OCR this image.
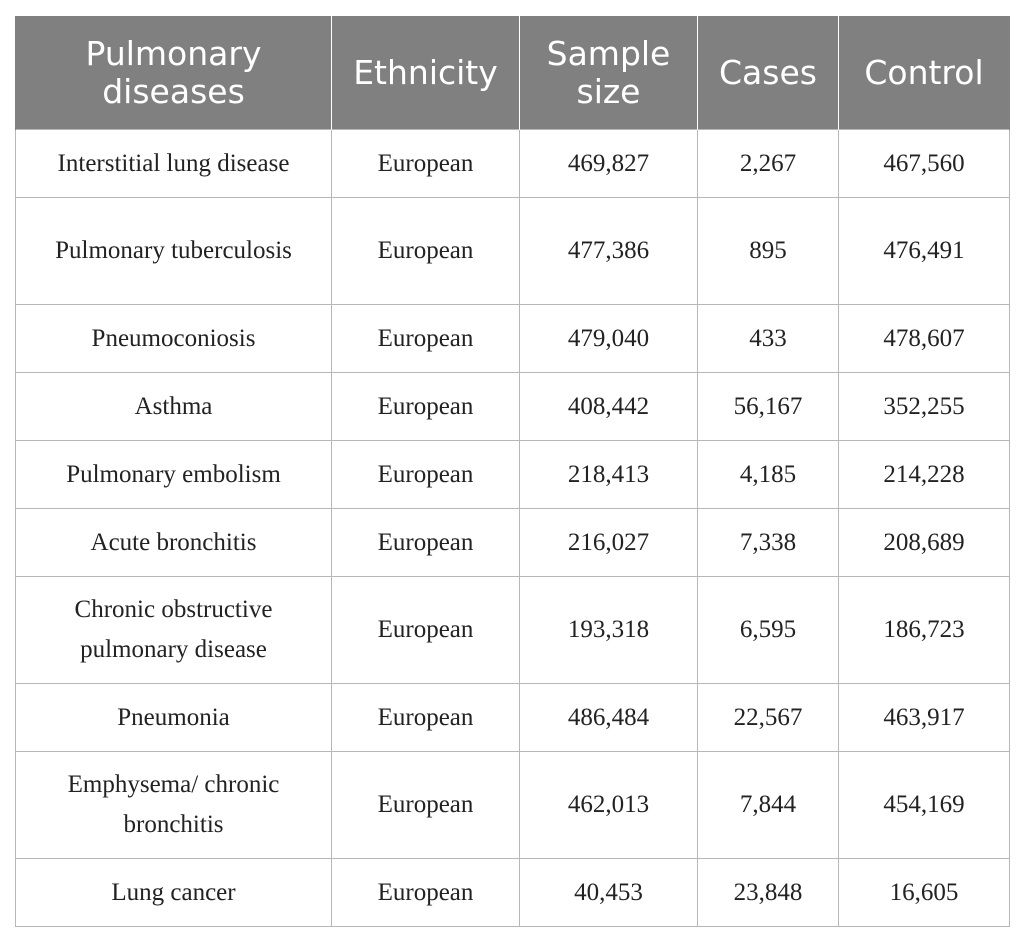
Pulmonary diseases	Ethnicity	Sample size	Cases	Control
Interstitial lung disease	European	469,827	2,267	467,560
Pulmonary tuberculosis	European	477,386	895	476,491
Pneumoconiosis	European	479,040	433	478,607
Asthma	European	408,442	56,167	352,255
Pulmonary embolism	European	218,413	4,185	214,228
Acute bronchitis	European	216,027	7,338	208,689
Chronic obstructive pulmonary disease	European	193,318	6,595	186,723
Pneumonia	European	486,484	22,567	463,917
Emphysema/ chronic bronchitis	European	462,013	7,844	454,169
Lung cancer	European	40,453	23,848	16,605
